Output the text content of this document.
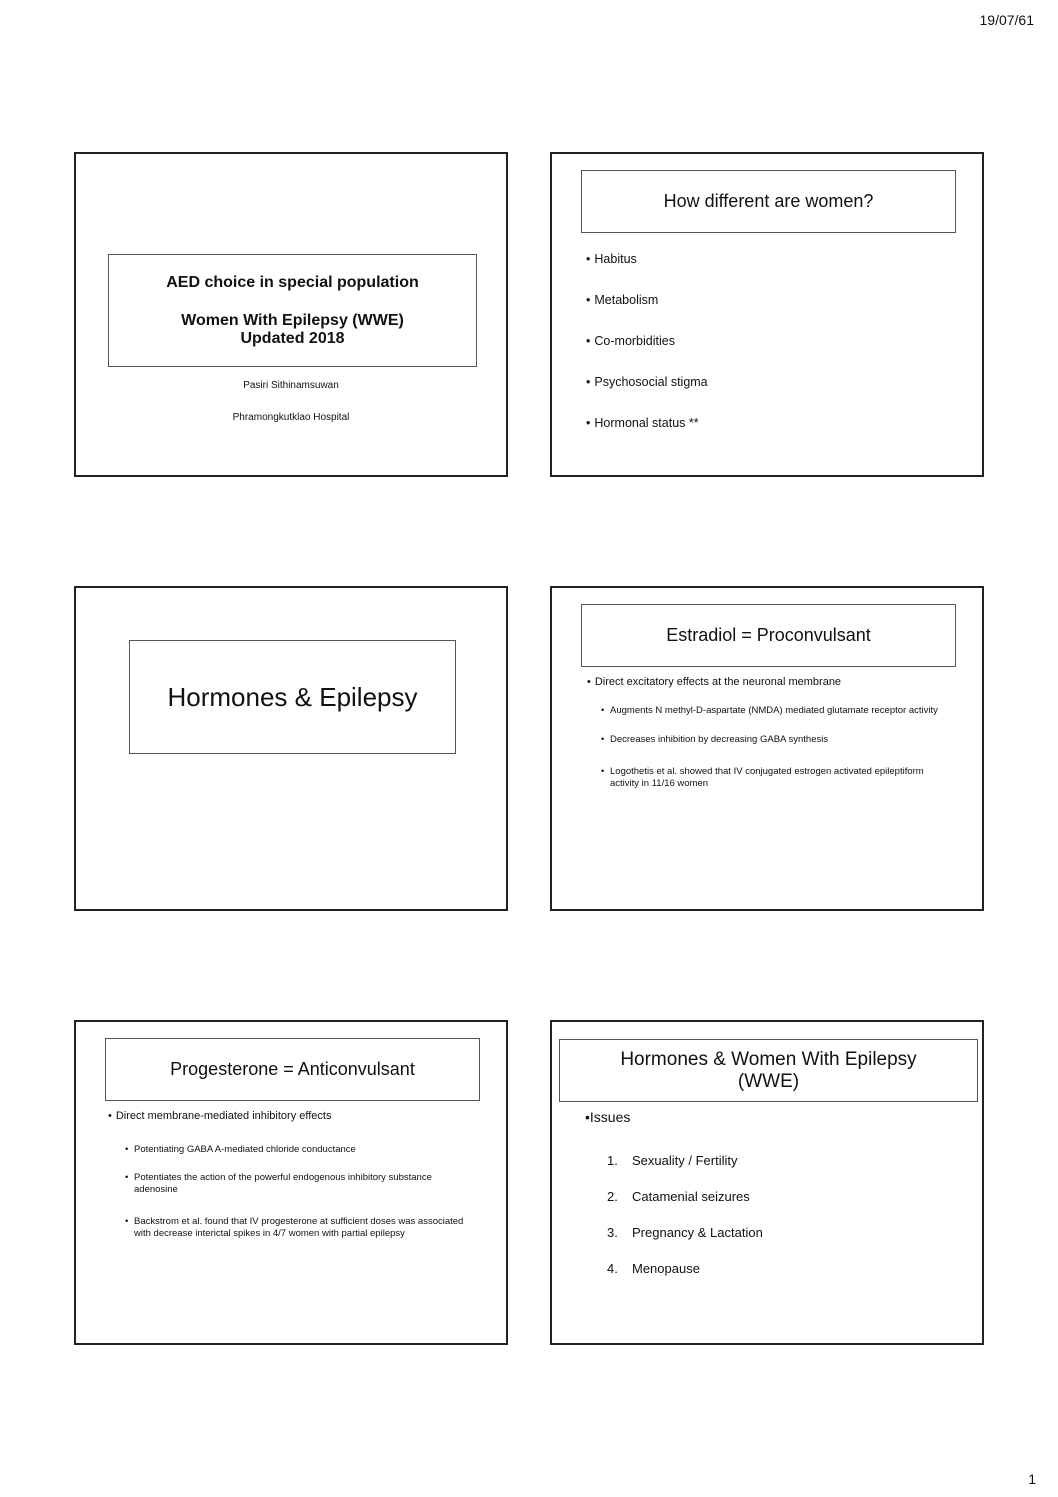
19/07/61
1
AED choice in special population
Women With Epilepsy (WWE)
Updated 2018
Pasiri Sithinamsuwan
Phramongkutklao Hospital
How different are women?
• Habitus
• Metabolism
• Co-morbidities
• Psychosocial stigma
• Hormonal status **
Hormones & Epilepsy
Estradiol = Proconvulsant
• Direct excitatory effects at the neuronal membrane
• Augments N methyl-D-aspartate (NMDA) mediated glutamate receptor activity
• Decreases inhibition by decreasing GABA synthesis
• Logothetis et al. showed that IV conjugated estrogen activated epileptiform activity in 11/16 women
Progesterone = Anticonvulsant
• Direct membrane-mediated inhibitory effects
• Potentiating GABA A-mediated chloride conductance
• Potentiates the action of the powerful endogenous inhibitory substance adenosine
• Backstrom et al. found that IV progesterone at sufficient doses was associated with decrease interictal spikes in 4/7 women with partial epilepsy
Hormones & Women With Epilepsy (WWE)
•Issues
1. Sexuality / Fertility
2. Catamenial seizures
3. Pregnancy & Lactation
4. Menopause
